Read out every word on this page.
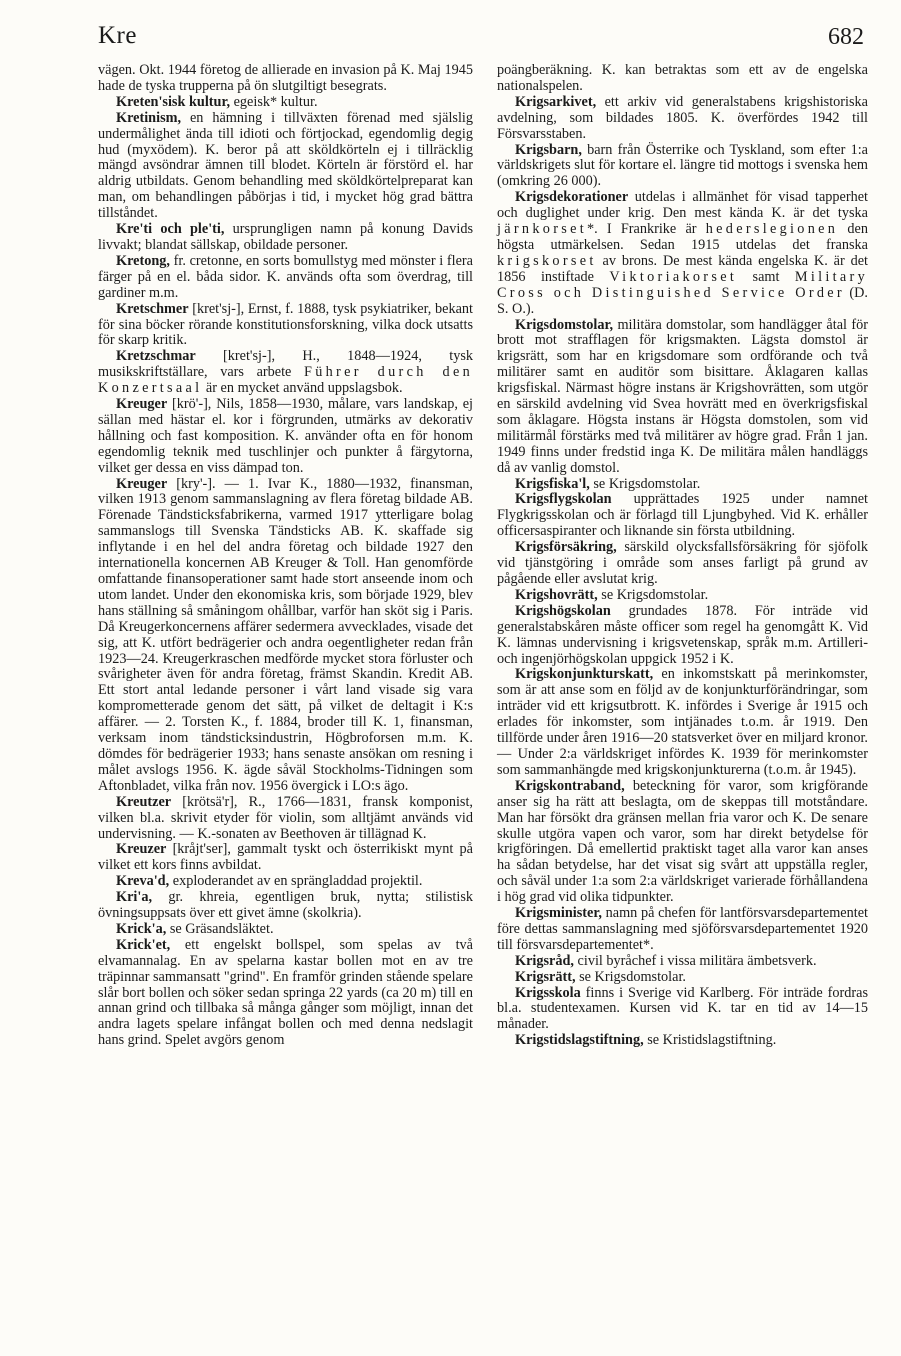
Kre	682

vägen. Okt. 1944 företog de allierade en invasion på K. Maj 1945 hade de tyska trupperna på ön slutgiltigt besegrats.

Kreten'sisk kultur, egeisk* kultur.

Kretinism, en hämning i tillväxten förenad med själslig undermålighet ända till idioti och förtjockad, egendomlig degig hud (myxödem). K. beror på att sköldkörteln ej i tillräcklig mängd avsöndrar ämnen till blodet. Körteln är förstörd el. har aldrig utbildats. Genom behandling med sköldkörtelpreparat kan man, om behandlingen påbörjas i tid, i mycket hög grad bättra tillståndet.

Kre'ti och ple'ti, ursprungligen namn på konung Davids livvakt; blandat sällskap, obildade personer.

Kretong, fr. cretonne, en sorts bomullstyg med mönster i flera färger på en el. båda sidor. K. används ofta som överdrag, till gardiner m.m.

Kretschmer [kret'sj-], Ernst, f. 1888, tysk psykiatriker, bekant för sina böcker rörande konstitutionsforskning, vilka dock utsatts för skarp kritik.

Kretzschmar [kret'sj-], H., 1848—1924, tysk musikskriftställare, vars arbete Führer durch den Konzertsaal är en mycket använd uppslagsbok.

Kreuger [krö'-], Nils, 1858—1930, målare, vars landskap, ej sällan med hästar el. kor i förgrunden, utmärks av dekorativ hållning och fast komposition. K. använder ofta en för honom egendomlig teknik med tuschlinjer och punkter å färgytorna, vilket ger dessa en viss dämpad ton.

Kreuger [kry'-]. — 1. Ivar K., 1880—1932, finansman, vilken 1913 genom sammanslagning av flera företag bildade AB. Förenade Tändsticksfabrikerna, varmed 1917 ytterligare bolag sammanslogs till Svenska Tändsticks AB. K. skaffade sig inflytande i en hel del andra företag och bildade 1927 den internationella koncernen AB Kreuger & Toll. Han genomförde omfattande finansoperationer samt hade stort anseende inom och utom landet. Under den ekonomiska kris, som började 1929, blev hans ställning så småningom ohållbar, varför han sköt sig i Paris. Då Kreugerkoncernens affärer sedermera avvecklades, visade det sig, att K. utfört bedrägerier och andra oegentligheter redan från 1923—24. Kreugerkraschen medförde mycket stora förluster och svårigheter även för andra företag, främst Skandin. Kredit AB. Ett stort antal ledande personer i vårt land visade sig vara komprometterade genom det sätt, på vilket de deltagit i K:s affärer. — 2. Torsten K., f. 1884, broder till K. 1, finansman, verksam inom tändsticksindustrin, Högbroforsen m.m. K. dömdes för bedrägerier 1933; hans senaste ansökan om resning i målet avslogs 1956. K. ägde såväl Stockholms-Tidningen som Aftonbladet, vilka från nov. 1956 övergick i LO:s ägo.

Kreutzer [krötsä'r], R., 1766—1831, fransk komponist, vilken bl.a. skrivit etyder för violin, som alltjämt används vid undervisning. — K.-sonaten av Beethoven är tillägnad K.

Kreuzer [kråjt'ser], gammalt tyskt och österrikiskt mynt på vilket ett kors finns avbildat.

Kreva'd, exploderandet av en sprängladdad projektil.

Kri'a, gr. khreia, egentligen bruk, nytta; stilistisk övningsuppsats över ett givet ämne (skolkria).

Krick'a, se Gräsandsläktet.

Krick'et, ett engelskt bollspel, som spelas av två elvamannalag. En av spelarna kastar bollen mot en av tre träpinnar sammansatt "grind". En framför grinden stående spelare slår bort bollen och söker sedan springa 22 yards (ca 20 m) till en annan grind och tillbaka så många gånger som möjligt, innan det andra lagets spelare infångat bollen och med denna nedslagit hans grind. Spelet avgörs genom

poängberäkning. K. kan betraktas som ett av de engelska nationalspelen.

Krigsarkivet, ett arkiv vid generalstabens krigshistoriska avdelning, som bildades 1805. K. överfördes 1942 till Försvarsstaben.

Krigsbarn, barn från Österrike och Tyskland, som efter 1:a världskrigets slut för kortare el. längre tid mottogs i svenska hem (omkring 26 000).

Krigsdekorationer utdelas i allmänhet för visad tapperhet och duglighet under krig. Den mest kända K. är det tyska järnkorset*. I Frankrike är hederslegionen den högsta utmärkelsen. Sedan 1915 utdelas det franska krigskorset av brons. De mest kända engelska K. är det 1856 instiftade Viktoriakorset samt Military Cross och Distinguished Service Order (D. S. O.).

Krigsdomstolar, militära domstolar, som handlägger åtal för brott mot strafflagen för krigsmakten. Lägsta domstol är krigsrätt, som har en krigsdomare som ordförande och två militärer samt en auditör som bisittare. Åklagaren kallas krigsfiskal. Närmast högre instans är Krigshovrätten, som utgör en särskild avdelning vid Svea hovrätt med en överkrigsfiskal som åklagare. Högsta instans är Högsta domstolen, som vid militärmål förstärks med två militärer av högre grad. Från 1 jan. 1949 finns under fredstid inga K. De militära målen handläggs då av vanlig domstol.

Krigsfiska'l, se Krigsdomstolar.

Krigsflygskolan upprättades 1925 under namnet Flygkrigsskolan och är förlagd till Ljungbyhed. Vid K. erhåller officersaspiranter och liknande sin första utbildning.

Krigsförsäkring, särskild olycksfallsförsäkring för sjöfolk vid tjänstgöring i område som anses farligt på grund av pågående eller avslutat krig.

Krigshovrätt, se Krigsdomstolar.

Krigshögskolan grundades 1878. För inträde vid generalstabskåren måste officer som regel ha genomgått K. Vid K. lämnas undervisning i krigsvetenskap, språk m.m. Artilleri- och ingenjörhögskolan uppgick 1952 i K.

Krigskonjunkturskatt, en inkomstskatt på merinkomster, som är att anse som en följd av de konjunkturförändringar, som inträder vid ett krigsutbrott. K. infördes i Sverige år 1915 och erlades för inkomster, som intjänades t.o.m. år 1919. Den tillförde under åren 1916—20 statsverket över en miljard kronor. — Under 2:a världskriget infördes K. 1939 för merinkomster som sammanhängde med krigskonjunkturerna (t.o.m. år 1945).

Krigskontraband, beteckning för varor, som krigförande anser sig ha rätt att beslagta, om de skeppas till motståndare. Man har försökt dra gränsen mellan fria varor och K. De senare skulle utgöra vapen och varor, som har direkt betydelse för krigföringen. Då emellertid praktiskt taget alla varor kan anses ha sådan betydelse, har det visat sig svårt att uppställa regler, och såväl under 1:a som 2:a världskriget varierade förhållandena i hög grad vid olika tidpunkter.

Krigsminister, namn på chefen för lantförsvarsdepartementet före dettas sammanslagning med sjöförsvarsdepartementet 1920 till försvarsdepartementet*.

Krigsråd, civil byråchef i vissa militära ämbetsverk.

Krigsrätt, se Krigsdomstolar.

Krigsskola finns i Sverige vid Karlberg. För inträde fordras bl.a. studentexamen. Kursen vid K. tar en tid av 14—15 månader.

Krigstidslagstiftning, se Kristidslagstiftning.
